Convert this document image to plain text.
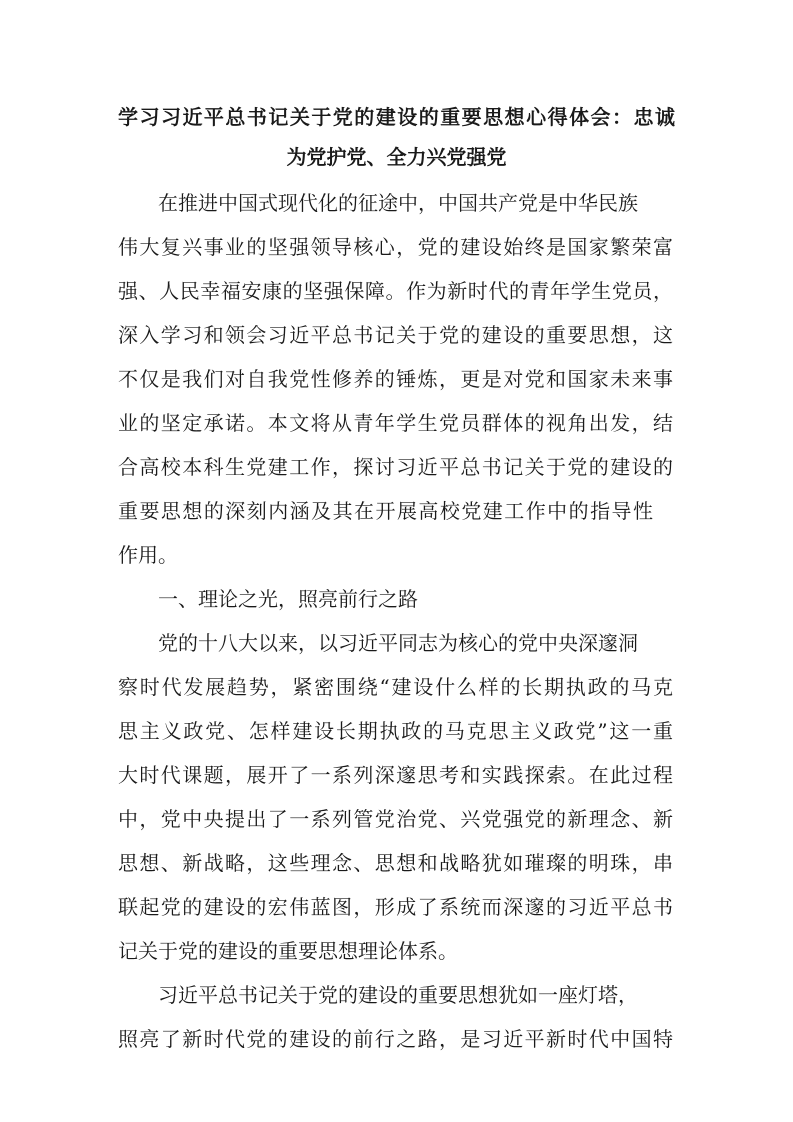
学习习近平总书记关于党的建设的重要思想心得体会：忠诚
为党护党、全力兴党强党

在推进中国式现代化的征途中，中国共产党是中华民族

伟大复兴事业的坚强领导核心，党的建设始终是国家繁荣富

强、人民幸福安康的坚强保障。作为新时代的青年学生党员，

深入学习和领会习近平总书记关于党的建设的重要思想，这

不仅是我们对自我党性修养的锤炼，更是对党和国家未来事

业的坚定承诺。本文将从青年学生党员群体的视角出发，结

合高校本科生党建工作，探讨习近平总书记关于党的建设的

重要思想的深刻内涵及其在开展高校党建工作中的指导性

作用。

一、理论之光，照亮前行之路

党的十八大以来，以习近平同志为核心的党中央深邃洞

察时代发展趋势，紧密围绕“建设什么样的长期执政的马克

思主义政党、怎样建设长期执政的马克思主义政党”这一重

大时代课题，展开了一系列深邃思考和实践探索。在此过程

中，党中央提出了一系列管党治党、兴党强党的新理念、新

思想、新战略，这些理念、思想和战略犹如璀璨的明珠，串

联起党的建设的宏伟蓝图，形成了系统而深邃的习近平总书

记关于党的建设的重要思想理论体系。

习近平总书记关于党的建设的重要思想犹如一座灯塔，

照亮了新时代党的建设的前行之路，是习近平新时代中国特
